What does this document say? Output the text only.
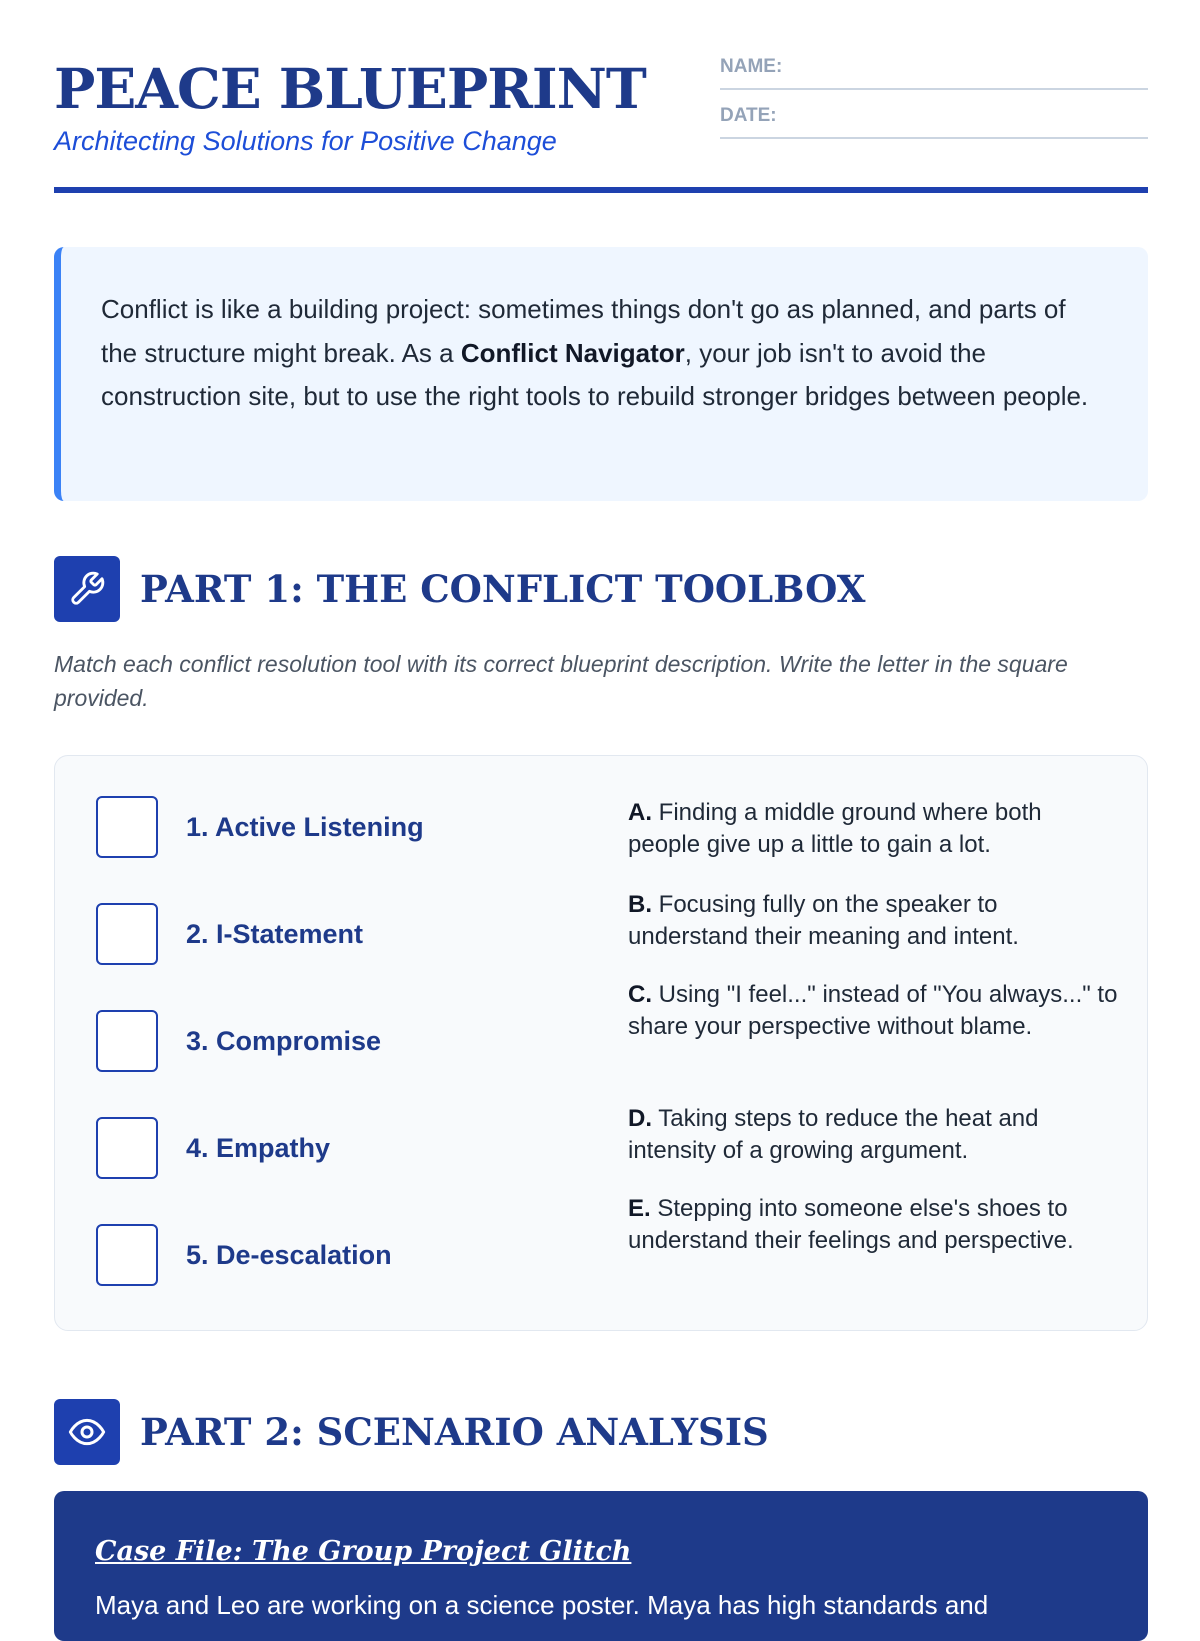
PEACE BLUEPRINT

Architecting Solutions for Positive Change

NAME:
DATE:
Conflict is like a building project: sometimes things don't go as planned, and parts of the structure might break. As a Conflict Navigator, your job isn't to avoid the construction site, but to use the right tools to rebuild stronger bridges between people.
PART 1: THE CONFLICT TOOLBOX

Match each conflict resolution tool with its correct blueprint description. Write the letter in the square provided.

1. Active Listening
2. I-Statement
3. Compromise
4. Empathy
5. De-escalation
A. Finding a middle ground where both people give up a little to gain a lot.
B. Focusing fully on the speaker to understand their meaning and intent.
C. Using "I feel..." instead of "You always..." to share your perspective without blame.
D. Taking steps to reduce the heat and intensity of a growing argument.
E. Stepping into someone else's shoes to understand their feelings and perspective.
PART 2: SCENARIO ANALYSIS
Case File: The Group Project Glitch
Maya and Leo are working on a science poster. Maya has high standards and
